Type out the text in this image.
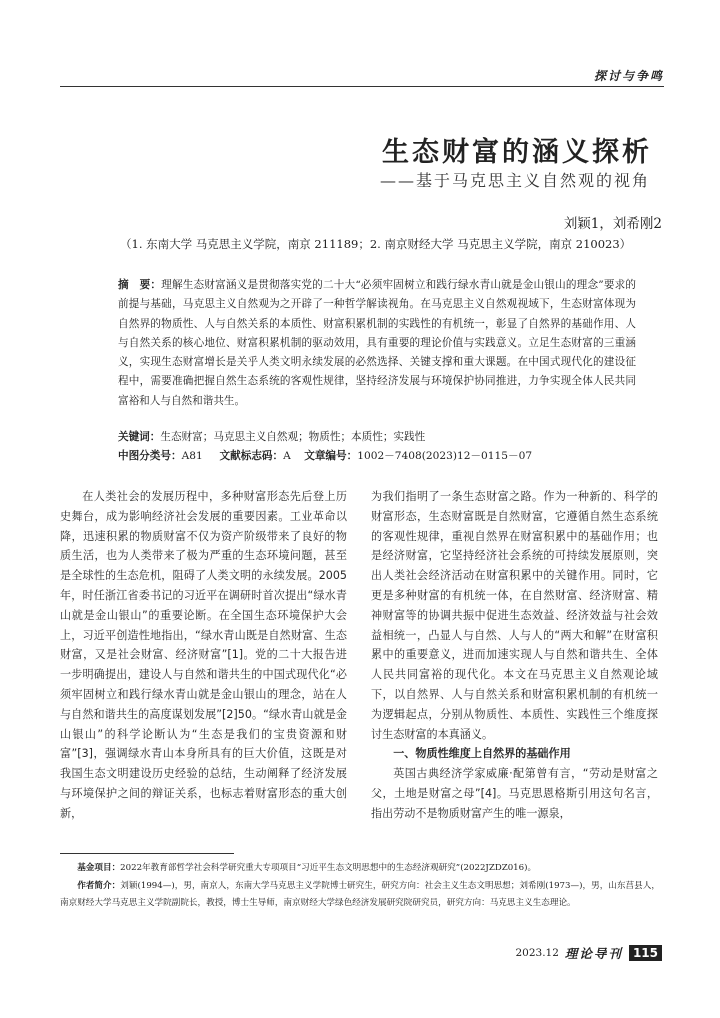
探讨与争鸣
生态财富的涵义探析
——基于马克思主义自然观的视角
刘颖1，刘希刚2
（1. 东南大学 马克思主义学院，南京 211189；2. 南京财经大学 马克思主义学院，南京 210023）
摘　要：理解生态财富涵义是贯彻落实党的二十大“必须牢固树立和践行绿水青山就是金山银山的理念”要求的前提与基础，马克思主义自然观为之开辟了一种哲学解读视角。在马克思主义自然观视域下，生态财富体现为自然界的物质性、人与自然关系的本质性、财富积累机制的实践性的有机统一，彰显了自然界的基础作用、人与自然关系的核心地位、财富积累机制的驱动效用，具有重要的理论价值与实践意义。立足生态财富的三重涵义，实现生态财富增长是关乎人类文明永续发展的必然选择、关键支撑和重大课题。在中国式现代化的建设征程中，需要准确把握自然生态系统的客观性规律，坚持经济发展与环境保护协同推进，力争实现全体人民共同富裕和人与自然和谐共生。
关键词：生态财富；马克思主义自然观；物质性；本质性；实践性
中图分类号：A81 文献标志码：A 文章编号：1002－7408(2023)12－0115－07

在人类社会的发展历程中，多种财富形态先后登上历史舞台，成为影响经济社会发展的重要因素。工业革命以降，迅速积累的物质财富不仅为资产阶级带来了良好的物质生活，也为人类带来了极为严重的生态环境问题，甚至是全球性的生态危机，阻碍了人类文明的永续发展。2005年，时任浙江省委书记的习近平在调研时首次提出“绿水青山就是金山银山”的重要论断。在全国生态环境保护大会上，习近平创造性地指出，“绿水青山既是自然财富、生态财富，又是社会财富、经济财富”[1]。党的二十大报告进一步明确提出，建设人与自然和谐共生的中国式现代化“必须牢固树立和践行绿水青山就是金山银山的理念，站在人与自然和谐共生的高度谋划发展”[2]50。“绿水青山就是金山银山”的科学论断认为“生态是我们的宝贵资源和财富”[3]，强调绿水青山本身所具有的巨大价值，这既是对我国生态文明建设历史经验的总结，生动阐释了经济发展与环境保护之间的辩证关系，也标志着财富形态的重大创新，

为我们指明了一条生态财富之路。作为一种新的、科学的财富形态，生态财富既是自然财富，它遵循自然生态系统的客观性规律，重视自然界在财富积累中的基础作用；也是经济财富，它坚持经济社会系统的可持续发展原则，突出人类社会经济活动在财富积累中的关键作用。同时，它更是多种财富的有机统一体，在自然财富、经济财富、精神财富等的协调共振中促进生态效益、经济效益与社会效益相统一，凸显人与自然、人与人的“两大和解”在财富积累中的重要意义，进而加速实现人与自然和谐共生、全体人民共同富裕的现代化。本文在马克思主义自然观论域下，以自然界、人与自然关系和财富积累机制的有机统一为逻辑起点，分别从物质性、本质性、实践性三个维度探讨生态财富的本真涵义。

一、物质性维度上自然界的基础作用

英国古典经济学家威廉·配第曾有言，“劳动是财富之父，土地是财富之母”[4]。马克思恩格斯引用这句名言，指出劳动不是物质财富产生的唯一源泉，

基金项目：2022年教育部哲学社会科学研究重大专项项目“习近平生态文明思想中的生态经济观研究”(2022JZDZ016)。

作者简介：刘颖(1994—)，男，南京人，东南大学马克思主义学院博士研究生，研究方向：社会主义生态文明思想；刘希刚(1973—)，男，山东莒县人，南京财经大学马克思主义学院副院长，教授，博士生导师，南京财经大学绿色经济发展研究院研究员，研究方向：马克思主义生态理论。

2023.12 理论导刊 115
